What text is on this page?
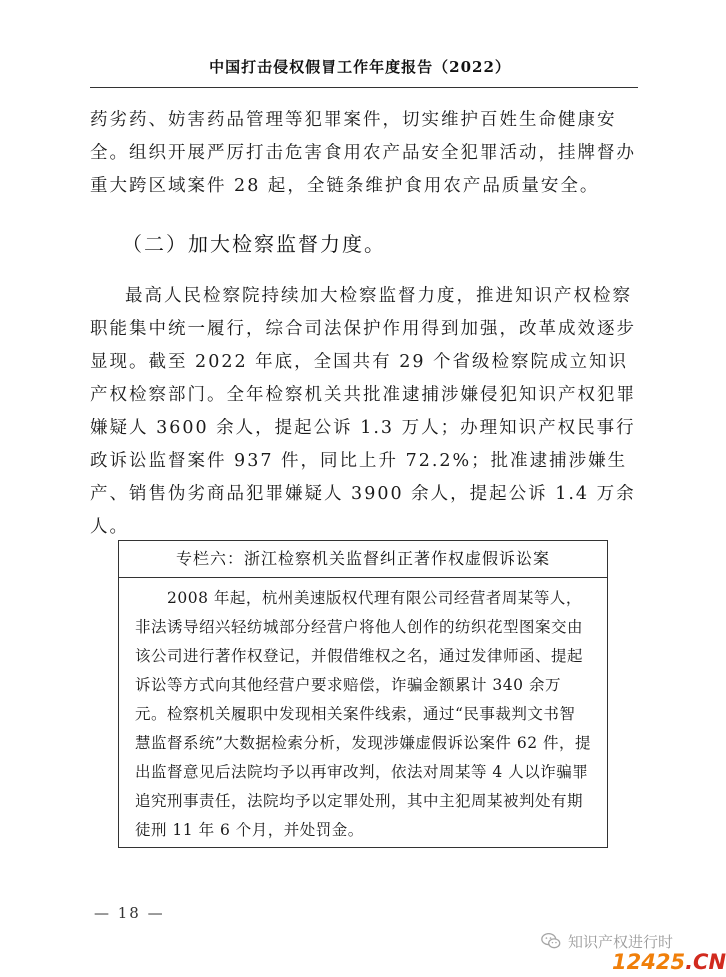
中国打击侵权假冒工作年度报告（2022）
药劣药、妨害药品管理等犯罪案件，切实维护百姓生命健康安全。组织开展严厉打击危害食用农产品安全犯罪活动，挂牌督办重大跨区域案件 28 起，全链条维护食用农产品质量安全。
（二）加大检察监督力度。
最高人民检察院持续加大检察监督力度，推进知识产权检察职能集中统一履行，综合司法保护作用得到加强，改革成效逐步显现。截至 2022 年底，全国共有 29 个省级检察院成立知识产权检察部门。全年检察机关共批准逮捕涉嫌侵犯知识产权犯罪嫌疑人 3600 余人，提起公诉 1.3 万人；办理知识产权民事行政诉讼监督案件 937 件，同比上升 72.2%；批准逮捕涉嫌生产、销售伪劣商品犯罪嫌疑人 3900 余人，提起公诉 1.4 万余人。
专栏六：浙江检察机关监督纠正著作权虚假诉讼案
2008 年起，杭州美速版权代理有限公司经营者周某等人，非法诱导绍兴轻纺城部分经营户将他人创作的纺织花型图案交由该公司进行著作权登记，并假借维权之名，通过发律师函、提起诉讼等方式向其他经营户要求赔偿，诈骗金额累计 340 余万元。检察机关履职中发现相关案件线索，通过“民事裁判文书智慧监督系统”大数据检索分析，发现涉嫌虚假诉讼案件 62 件，提出监督意见后法院均予以再审改判，依法对周某等 4 人以诈骗罪追究刑事责任，法院均予以定罪处刑，其中主犯周某被判处有期徒刑 11 年 6 个月，并处罚金。
— 18 —
知识产权进行时
12425.CN
